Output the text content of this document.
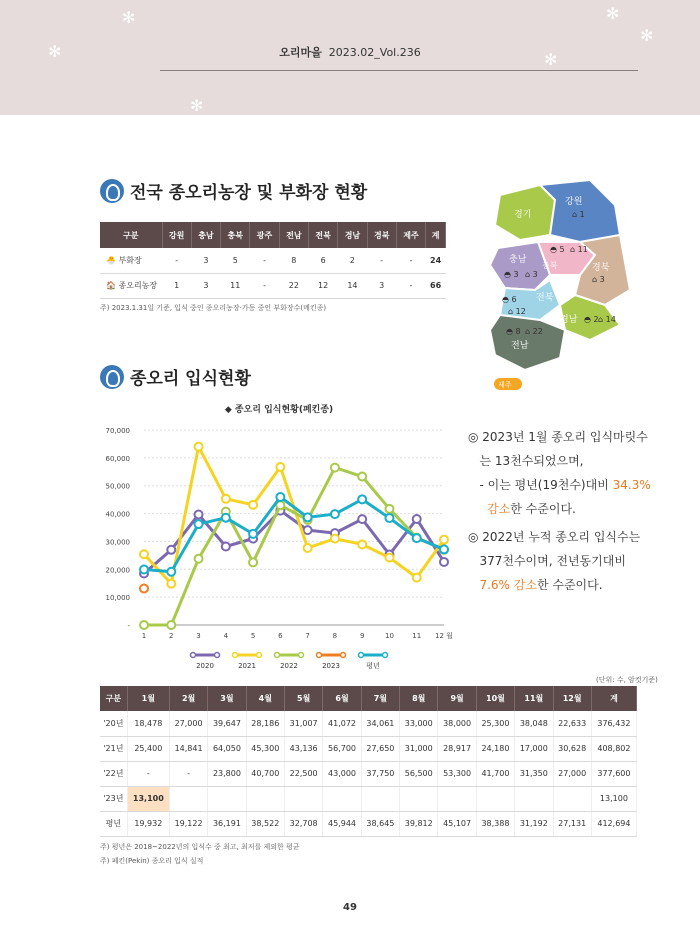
✻
✻	✻
✻
✻
✻
오리마을 2023.02_Vol.236
전국 종오리농장 및 부화장 현황
구분	강원	충남	충북	광주	전남	전북	경남	경북	제주	계
🐣 부화장	-	3	5	-	8	6	2	-	-	24
🏠 종오리농장	1	3	11	-	22	12	14	3	-	66
주) 2023.1.31일 기준, 입식 중인 종오리농장·가동 중인 부화장수(메킨종)
경기
강원
충남
충북	경북
전북
전남
경남
제주
⌂ 1
◓ 5 ⌂ 11
◓ 3 ⌂ 3
⌂ 3
◓ 6
⌂ 12
◓ 2 ⌂ 14
◓ 8 ⌂ 22
종오리 입식현황
◆ 종오리 입식현황(페킨종)
-
10,000
20,000
30,000
40,000
50,000
60,000
70,000
1	2	3	4	5	6	7	8	9	10	11 12 월
2020	2021	2022	2023	평년

◎ 2023년 1월 종오리 입식마릿수
는 13천수되었으며,
- 이는 평년(19천수)대비 34.3%
감소한 수준이다.

◎ 2022년 누적 종오리 입식수는
377천수이며, 전년동기대비
7.6% 감소한 수준이다.

(단위: 수, 암컷기준)
구분	1월	2월	3월	4월	5월	6월	7월	8월	9월	10월	11월	12월	계
'20년	18,478	27,000	39,647	28,186	31,007	41,072	34,061	33,000	38,000	25,300	38,048	22,633	376,432
'21년	25,400	14,841	64,050	45,300	43,136	56,700	27,650	31,000	28,917	24,180	17,000	30,628	408,802
'22년	-	-	23,800	40,700	22,500	43,000	37,750	56,500	53,300	41,700	31,350	27,000	377,600
'23년	13,100												13,100
평년	19,932	19,122	36,191	38,522	32,708	45,944	38,645	39,812	45,107	38,388	31,192	27,131	412,694
주) 평년은 2018~2022년의 입식수 중 최고, 최저를 제외한 평균
주) 페킨(Pekin) 종오리 입식 실적
49
